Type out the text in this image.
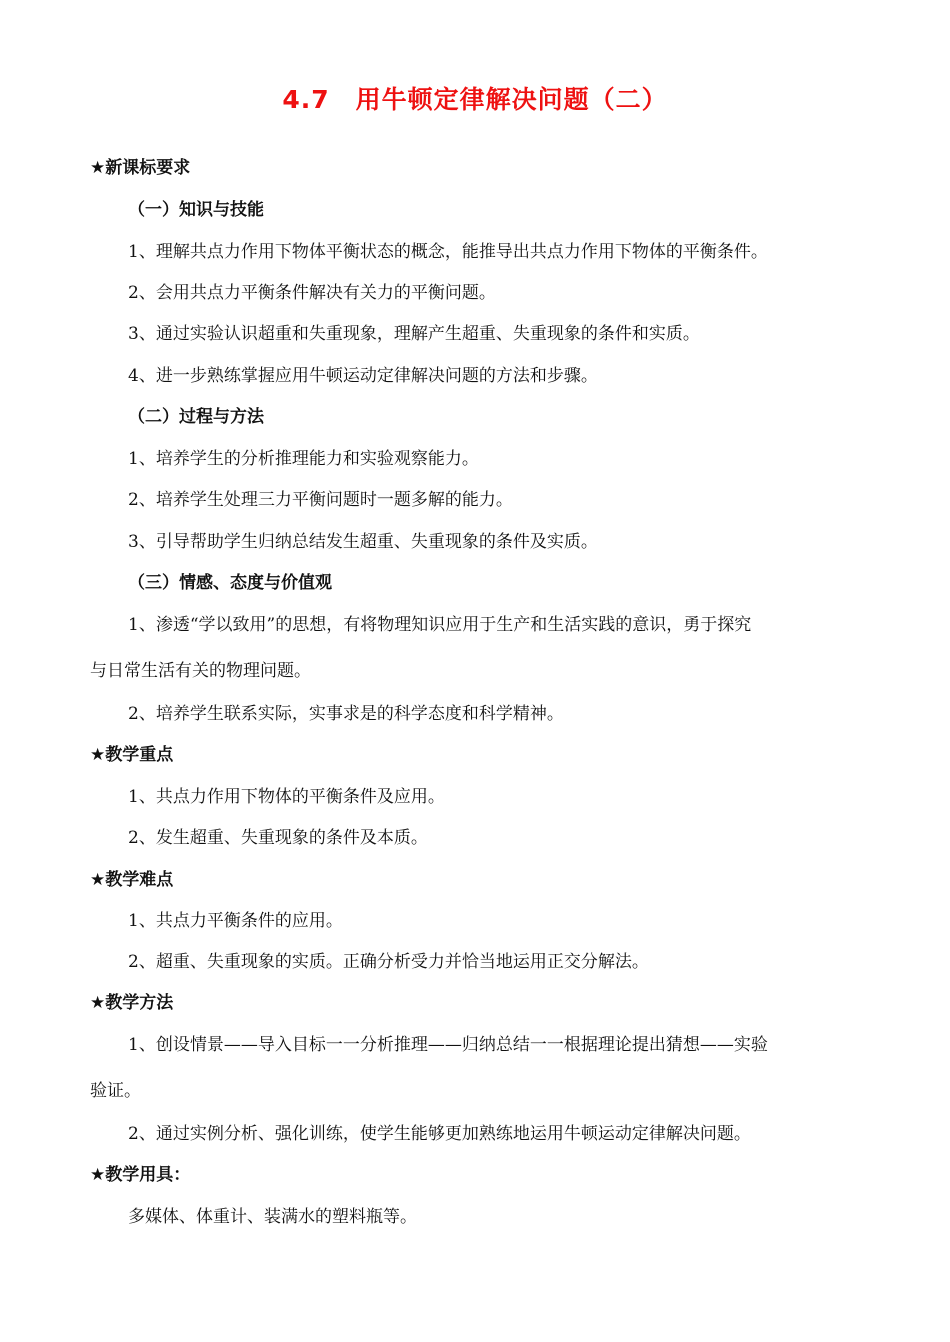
4.7　用牛顿定律解决问题（二）
★新课标要求
（一）知识与技能
1、理解共点力作用下物体平衡状态的概念，能推导出共点力作用下物体的平衡条件。
2、会用共点力平衡条件解决有关力的平衡问题。
3、通过实验认识超重和失重现象，理解产生超重、失重现象的条件和实质。
4、进一步熟练掌握应用牛顿运动定律解决问题的方法和步骤。
（二）过程与方法
1、培养学生的分析推理能力和实验观察能力。
2、培养学生处理三力平衡问题时一题多解的能力。
3、引导帮助学生归纳总结发生超重、失重现象的条件及实质。
（三）情感、态度与价值观
1、渗透“学以致用”的思想，有将物理知识应用于生产和生活实践的意识，勇于探究
与日常生活有关的物理问题。
2、培养学生联系实际，实事求是的科学态度和科学精神。
★教学重点
1、共点力作用下物体的平衡条件及应用。
2、发生超重、失重现象的条件及本质。
★教学难点
1、共点力平衡条件的应用。
2、超重、失重现象的实质。正确分析受力并恰当地运用正交分解法。
★教学方法
1、创设情景——导入目标一一分析推理——归纳总结一一根据理论提出猜想——实验
验证。
2、通过实例分析、强化训练，使学生能够更加熟练地运用牛顿运动定律解决问题。
★教学用具：
多媒体、体重计、装满水的塑料瓶等。
